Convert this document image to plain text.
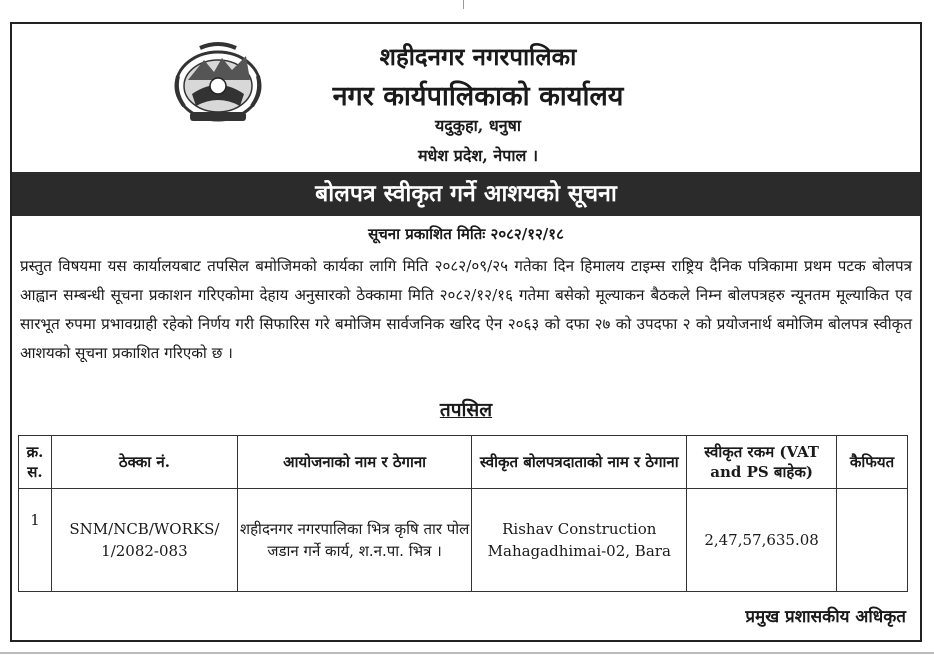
शहीदनगर नगरपालिका
नगर कार्यपालिकाको कार्यालय
यदुकुहा, धनुषा
मधेश प्रदेश, नेपाल ।
बोलपत्र स्वीकृत गर्ने आशयको सूचना
सूचना प्रकाशित मितिः २०८२/१२/१८
प्रस्तुत विषयमा यस कार्यालयबाट तपसिल बमोजिमको कार्यका लागि मिति २०८२/०९/२५ गतेका दिन हिमालय टाइम्स राष्ट्रिय दैनिक पत्रिकामा प्रथम पटक बोलपत्र आह्वान सम्बन्धी सूचना प्रकाशन गरिएकोमा देहाय अनुसारको ठेक्कामा मिति २०८२/१२/१६ गतेमा बसेको मूल्याकन बैठकले निम्न बोलपत्रहरु न्यूनतम मूल्याकित एव सारभूत रुपमा प्रभावग्राही रहेको निर्णय गरी सिफारिस गरे बमोजिम सार्वजनिक खरिद ऐन २०६३ को दफा २७ को उपदफा २ को प्रयोजनार्थ बमोजिम बोलपत्र स्वीकृत आशयको सूचना प्रकाशित गरिएको छ ।
तपसिल
क्र. स.	ठेक्का नं.	आयोजनाको नाम र ठेगाना	स्वीकृत बोलपत्रदाताको नाम र ठेगाना	स्वीकृत रकम (VAT and PS बाहेक)	कैफियत
1	SNM/NCB/WORKS/ 1/2082-083	शहीदनगर नगरपालिका भित्र कृषि तार पोल जडान गर्ने कार्य, श.न.पा. भित्र ।	Rishav Construction Mahagadhimai-02, Bara	2,47,57,635.08	
प्रमुख प्रशासकीय अधिकृत
